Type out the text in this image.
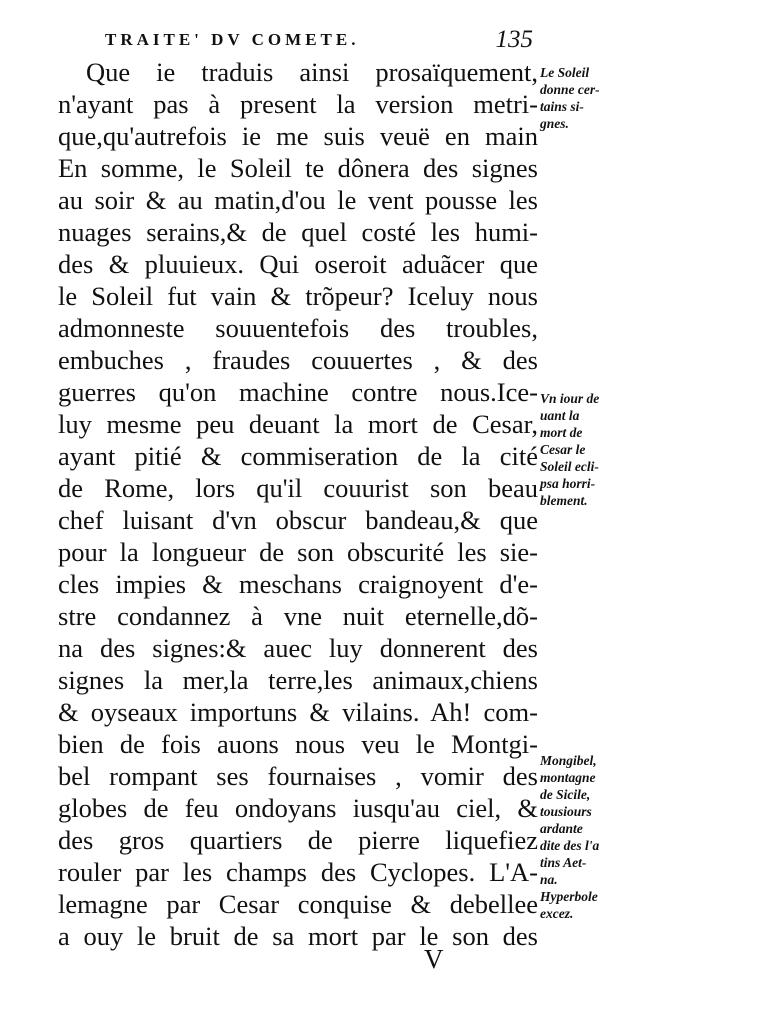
TRAITE' DV COMETE.	135
Que ie traduis ainsi prosaïquement,
n'ayant pas à present la version metri-
que,qu'autrefois ie me suis veuë en main
En somme, le Soleil te dônera des signes
au soir & au matin,d'ou le vent pousse les
nuages serains,& de quel costé les humi-
des & pluuieux. Qui oseroit aduãcer que
le Soleil fut vain & trõpeur? Iceluy nous
admonneste souuentefois des troubles,
embuches , fraudes couuertes , & des
guerres qu'on machine contre nous.Ice-
luy mesme peu deuant la mort de Cesar,
ayant pitié & commiseration de la cité
de Rome, lors qu'il couurist son beau
chef luisant d'vn obscur bandeau,& que
pour la longueur de son obscurité les sie-
cles impies & meschans craignoyent d'e-
stre condannez à vne nuit eternelle,dõ-
na des signes:& auec luy donnerent des
signes la mer,la terre,les animaux,chiens
& oyseaux importuns & vilains. Ah! com-
bien de fois auons nous veu le Montgi-
bel rompant ses fournaises , vomir des
globes de feu ondoyans iusqu'au ciel, &
des gros quartiers de pierre liquefiez
rouler par les champs des Cyclopes. L'A-
lemagne par Cesar conquise & debellee
a ouy le bruit de sa mort par le son des
Le Soleil
donne cer-
tains si-
gnes.
Vn iour de
uant la
mort de
Cesar le
Soleil ecli-
psa horri-
blement.
Mongibel,
montagne
de Sicile,
tousiours
ardante
dite des l'a
tins Aet-
na.
Hyperbole
excez.
V
